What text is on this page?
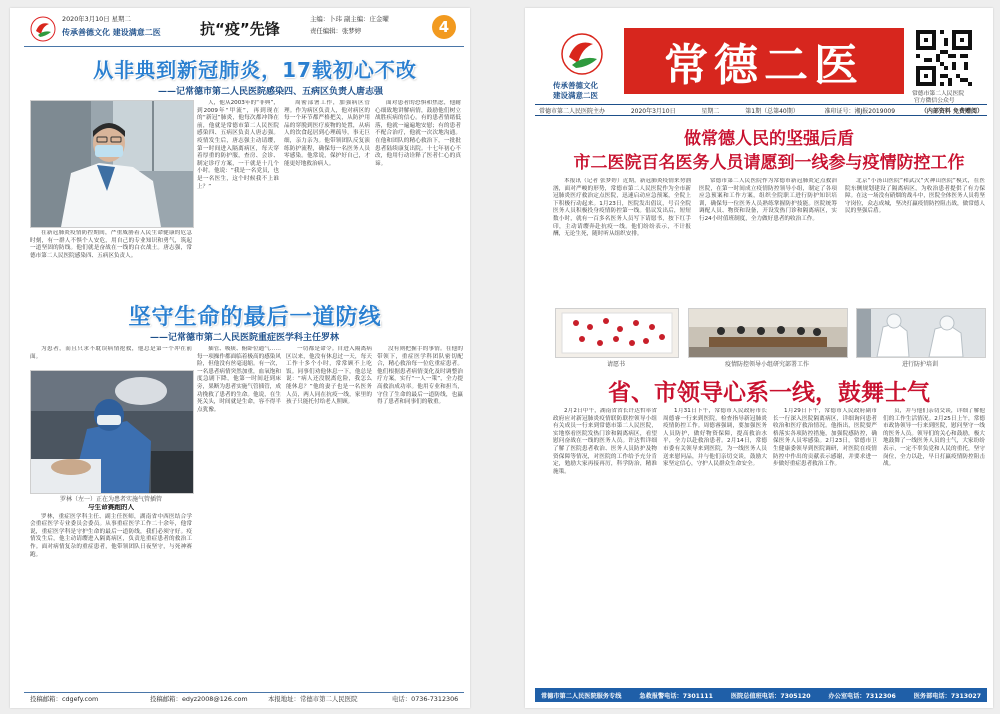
2020年3月10日 星期二
传承善德文化 建设满意二医	抗“疫”先锋
主编：卜玮 副主编：庄金曜
责任编辑：张梦婷	4
从非典到新冠肺炎，17载初心不改
——记常德市第二人民医院感染四、五病区负责人唐志强

在新冠肺炎疫情防控期间，严重威胁着人民生命健康的危急时刻，有一群人不惧个人安危，用自己的专业知识和勇气，筑起一道坚固的防线。他们就是奋战在一线的白衣战士。唐志强，常德市第二人民医院感染四、五病区负责人。

人，他从2003年的“非典”，到2009年“甲流”，再到现在的“新冠”肺炎，他每次都冲锋在前，他就是常德市第二人民医院感染四、五病区负责人唐志强。疫情发生后，唐志强主动请缨，第一时间进入隔离病区，每天穿着厚重的防护服，查房、会诊、制定诊疗方案，一干就是十几个小时。他说：“我是一名党员，也是一名医生，这个时候我不上谁上？”

周密部署工作，加强病区管理。作为病区负责人，他对病区的每一个环节都严格把关，从防护用品的穿脱到医疗废物的处置，从病人的饮食起居到心理疏导，事无巨细，亲力亲为。他带领团队反复演练防护流程，确保每一名医务人员零感染。他常说，保护好自己，才能更好地救治病人。

面对患者的恐惧和焦虑，他耐心细致地讲解病情，鼓励他们树立战胜疾病的信心。有的患者情绪低落，他就一遍遍地安慰；有的患者不配合治疗，他就一次次地沟通。在他和团队的精心救治下，一批批患者陆续康复出院。十七年初心不改，他用行动诠释了医者仁心的真谛。

坚守生命的最后一道防线
——记常德市第二人民医院重症医学科主任罗林

为患者，而且只求不耽误病情抢救，他总是第一个冲在前面。

罗林（左一）正在为患者实施气管插管

与生命赛跑的人

罗林，重症医学科主任、副主任医师，湖南省中西医结合学会重症医学专业委员会委员。从事重症医学工作二十余年，他常说，重症医学科是守护生命的最后一道防线，我们必须守好。疫情发生后，他主动请缨进入隔离病区，负责危重症患者的救治工作。面对病情复杂的重症患者，他带领团队日夜坚守，与死神赛跑。

插管、吸痰、俯卧位通气……每一项操作都面临着极高的感染风险，但他没有丝毫退缩。有一次，一名患者病情突然加重，血氧饱和度急剧下降，他第一时间赶到床旁，果断为患者实施气管插管，成功挽救了患者的生命。他说，在生死关头，时间就是生命，容不得半点犹豫。

一切都是命令。自进入隔离病区以来，他没有休息过一天，每天工作十多个小时，常常顾不上吃饭。同事们劝他休息一下，他总是说：“病人还没脱离危险，我怎么能休息？”他的妻子也是一名医务人员，两人同在抗疫一线，家里的孩子只能托付给老人照顾。

没有则把握手的事情。在他的带领下，重症医学科团队密切配合，精心救治每一位危重症患者。他们根据患者病情变化及时调整治疗方案，实行“一人一策”，全力提高救治成功率。他用专业和担当，守住了生命的最后一道防线，也赢得了患者和同事们的敬重。

投稿邮箱：cdgefy.com	投稿邮箱：edyz2008@126.com	本报地址：常德市第二人民医院	电话：0736-7312306
传承善德文化
建设满意二医
常德二医
常德市第二人民医院
官方微信公众号
常德市第二人民医院主办	2020年3月10日	星期二	第1期（总第40期）	准印证号：湘J报2019009	（内部资料 免费赠阅）
做常德人民的坚强后盾
市二医院百名医务人员请愿到一线参与疫情防控工作

本报讯（记者 张梦婷）近期，新冠肺炎疫情来势汹汹，面对严峻的形势，常德市第二人民医院作为全市新冠肺炎医疗救治定点医院，迅速启动应急预案，全院上下积极行动起来。1月23日，医院发出倡议，号召全院医务人员积极投身疫情防控第一线。倡议发出后，短短数小时，就有一百多名医务人员写下请愿书，按下红手印，主动请缨奔赴抗疫一线。他们纷纷表示，不计报酬，无论生死，随时听从组织安排。

常德市第二人民医院作为常德市新冠肺炎定点救治医院，在第一时间成立疫情防控领导小组，制定了各项应急预案和工作方案，组织全院职工进行防护知识培训，确保每一位医务人员熟练掌握防护技能。医院统筹调配人员、物资和设备，开设发热门诊和隔离病区，实行24小时值班制度，全力做好患者的收治工作。

北京“小汤山医院”和武汉“火神山医院”模式，在医院东侧规划建设了隔离病区，为收治患者提供了有力保障。在这一场没有硝烟的战斗中，医院全体医务人员将坚守岗位，众志成城，坚决打赢疫情防控阻击战，做常德人民的坚强后盾。

请愿书	疫情防控领导小组研究部署工作	进行防护培训
省、市领导心系一线，鼓舞士气

2月2日中午，湖南省省长许达哲率省政府应对新冠肺炎疫情联防联控领导小组有关成员一行来到常德市第二人民医院，实地察看医院发热门诊和隔离病区，看望慰问奋战在一线的医务人员。许达哲详细了解了医院患者收治、医务人员防护及物资保障等情况，对医院的工作给予充分肯定，勉励大家再接再厉，科学防治，精准施策。

1月31日下午，常德市人民政府市长周德睿一行来到医院，检查指导新冠肺炎疫情防控工作。周德睿强调，要加强医务人员防护，做好物资保障，提高救治水平，全力以赴救治患者。2月14日，常德市委有关领导来到医院，为一线医务人员送来慰问品，并与他们亲切交谈，鼓励大家坚定信心，守护人民群众生命安全。

1月29日下午，常德市人民政府副市长一行深入医院隔离病区，详细询问患者收治和医疗救治情况。他指出，医院要严格落实各项防控措施，加强院感防控，确保医务人员零感染。2月23日，常德市卫生健康委领导到医院调研，对医院在疫情防控中作出的贡献表示感谢，并要求进一步做好重症患者救治工作。

员，并与他们亲切交谈，详细了解他们的工作生活情况。2月25日上午，常德市政协领导一行来到医院，慰问坚守一线的医务人员。领导们的关心和鼓励，极大地鼓舞了一线医务人员的士气，大家纷纷表示，一定不辜负党和人民的重托，坚守岗位，全力以赴，早日打赢疫情防控阻击战。

常德市第二人民医院服务专线	急救报警电话：7301111	医院总值班电话：7305120	办公室电话：7312306	医务部电话：7313027
